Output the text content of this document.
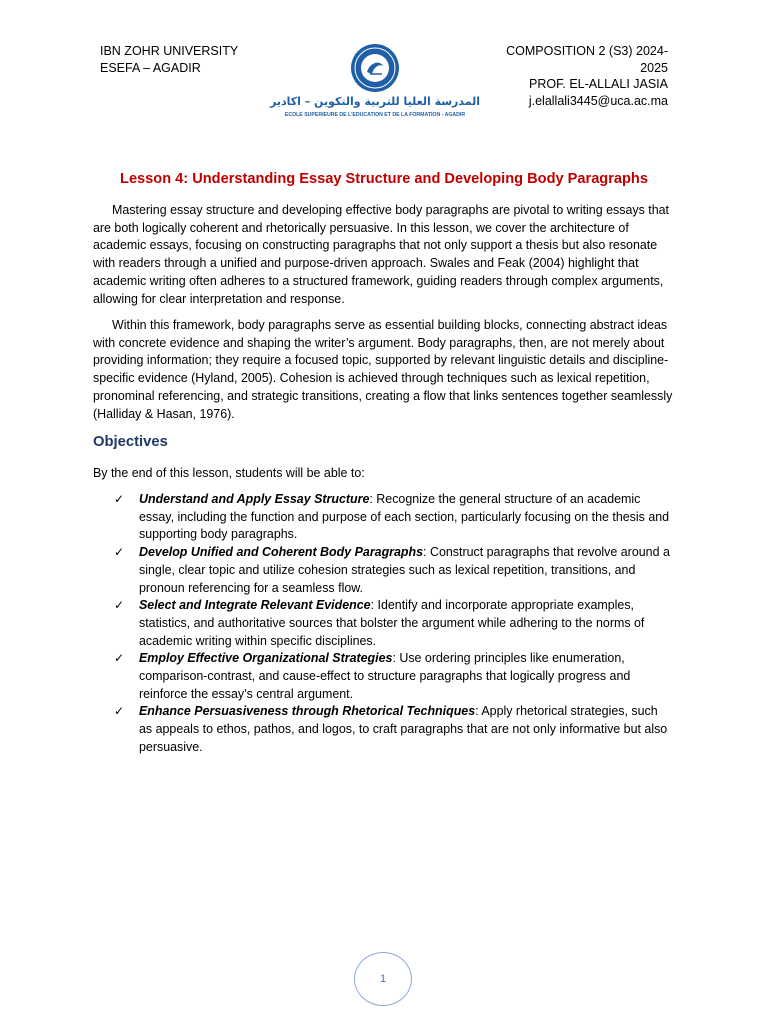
IBN ZOHR UNIVERSITY
ESEFA – AGADIR
المدرسة العليا للتربية والتكوين – اكادير
ECOLE SUPERIEURE DE L'EDUCATION ET DE LA FORMATION - AGADIR
COMPOSITION 2 (S3) 2024-
2025
PROF. EL-ALLALI JASIA
j.elallali3445@uca.ac.ma
Lesson 4: Understanding Essay Structure and Developing Body Paragraphs

Mastering essay structure and developing effective body paragraphs are pivotal to writing essays that are both logically coherent and rhetorically persuasive. In this lesson, we cover the architecture of academic essays, focusing on constructing paragraphs that not only support a thesis but also resonate with readers through a unified and purpose-driven approach. Swales and Feak (2004) highlight that academic writing often adheres to a structured framework, guiding readers through complex arguments, allowing for clear interpretation and response.

Within this framework, body paragraphs serve as essential building blocks, connecting abstract ideas with concrete evidence and shaping the writer’s argument. Body paragraphs, then, are not merely about providing information; they require a focused topic, supported by relevant linguistic details and discipline-specific evidence (Hyland, 2005). Cohesion is achieved through techniques such as lexical repetition, pronominal referencing, and strategic transitions, creating a flow that links sentences together seamlessly (Halliday & Hasan, 1976).

Objectives
By the end of this lesson, students will be able to:
✓ Understand and Apply Essay Structure: Recognize the general structure of an academic essay, including the function and purpose of each section, particularly focusing on the thesis and supporting body paragraphs.
✓ Develop Unified and Coherent Body Paragraphs: Construct paragraphs that revolve around a single, clear topic and utilize cohesion strategies such as lexical repetition, transitions, and pronoun referencing for a seamless flow.
✓ Select and Integrate Relevant Evidence: Identify and incorporate appropriate examples, statistics, and authoritative sources that bolster the argument while adhering to the norms of academic writing within specific disciplines.
✓ Employ Effective Organizational Strategies: Use ordering principles like enumeration, comparison-contrast, and cause-effect to structure paragraphs that logically progress and reinforce the essay’s central argument.
✓ Enhance Persuasiveness through Rhetorical Techniques: Apply rhetorical strategies, such as appeals to ethos, pathos, and logos, to craft paragraphs that are not only informative but also persuasive.
1
